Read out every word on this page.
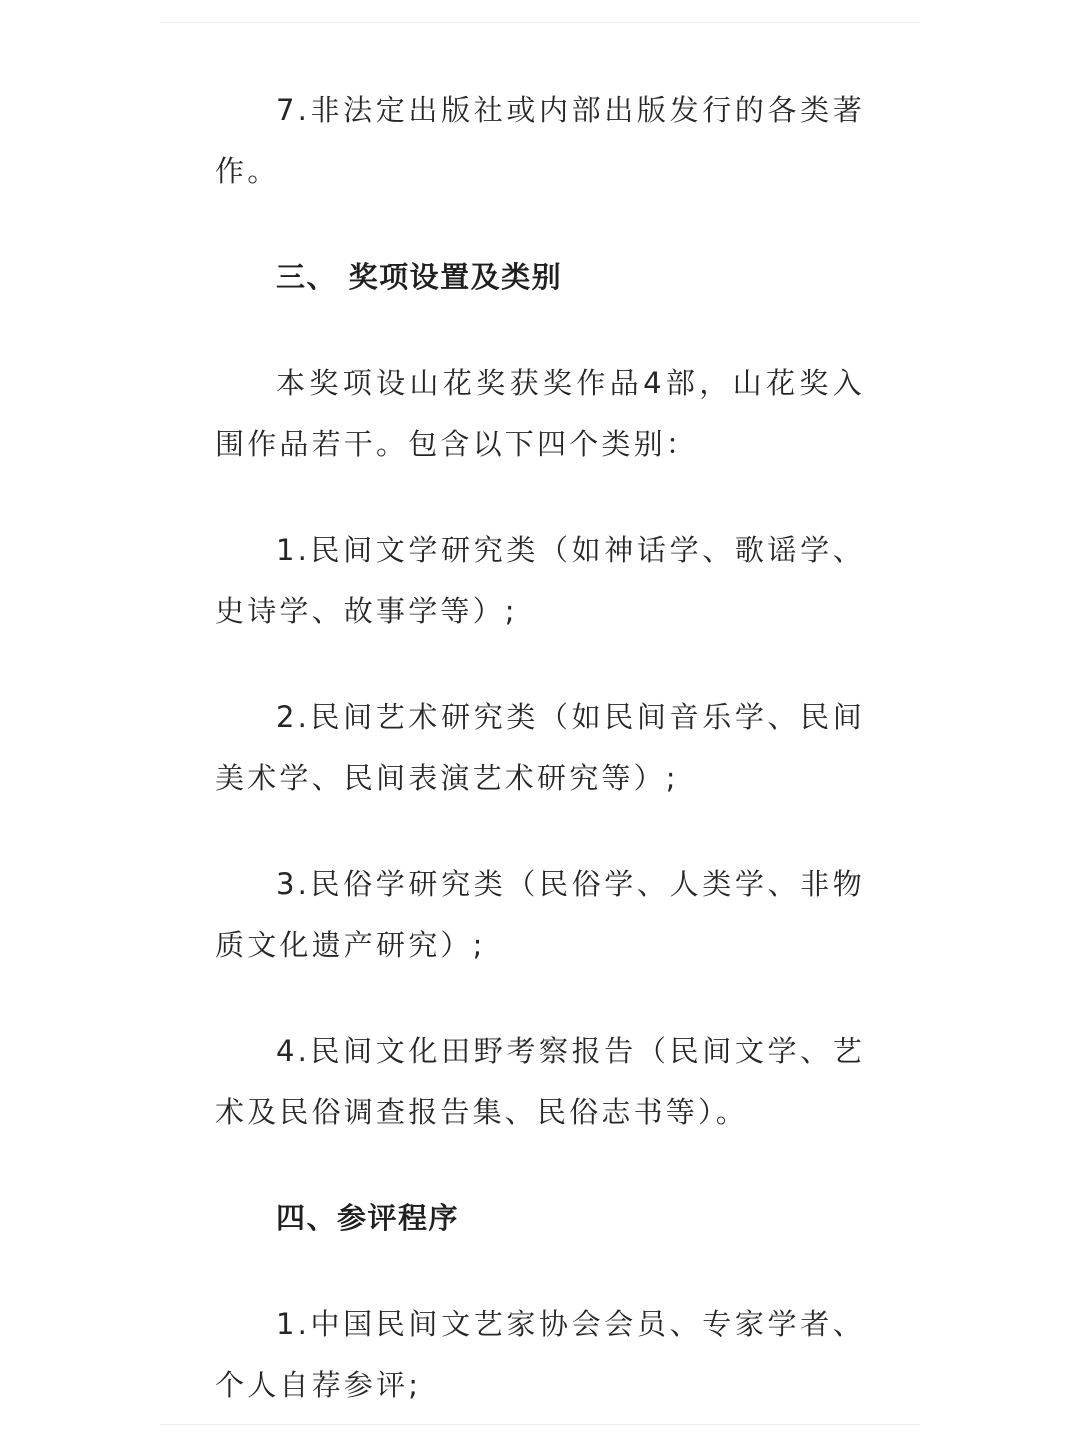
7.非法定出版社或内部出版发行的各类著作。

三、 奖项设置及类别

本奖项设山花奖获奖作品4部，山花奖入围作品若干。包含以下四个类别：

1.民间文学研究类（如神话学、歌谣学、史诗学、故事学等）;

2.民间艺术研究类（如民间音乐学、民间美术学、民间表演艺术研究等）;

3.民俗学研究类（民俗学、人类学、非物质文化遗产研究）;

4.民间文化田野考察报告（民间文学、艺术及民俗调查报告集、民俗志书等）。

四、参评程序

1.中国民间文艺家协会会员、专家学者、个人自荐参评;
